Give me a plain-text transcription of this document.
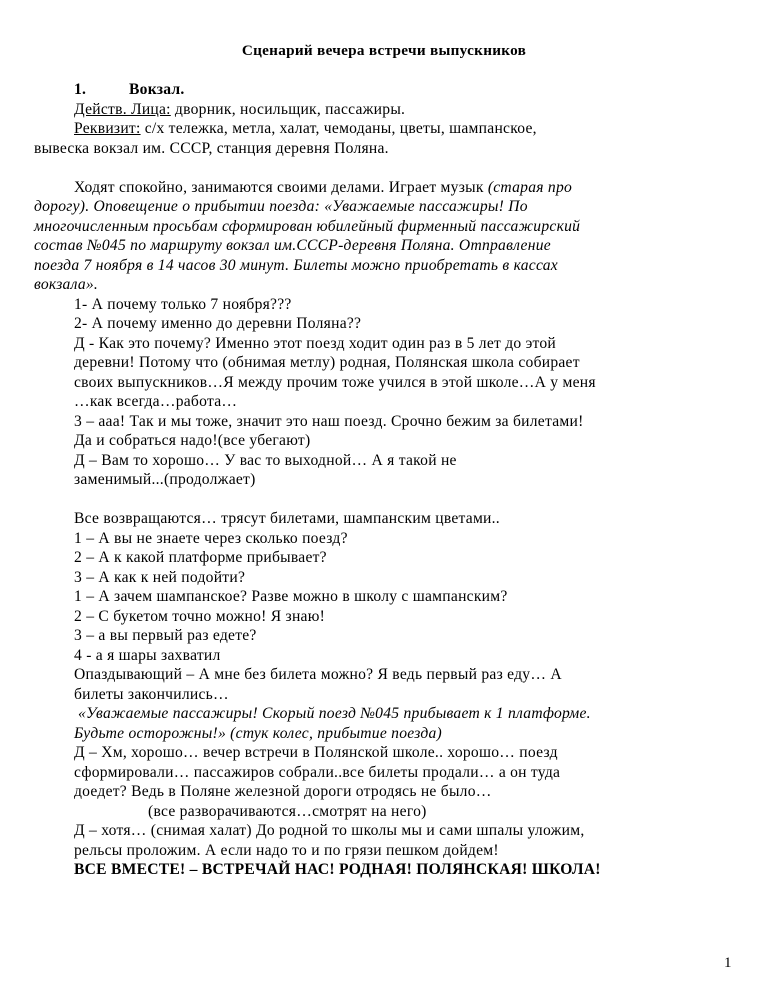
Сценарий вечера встречи выпускников
1.	Вокзал.
Действ. Лица: дворник, носильщик, пассажиры.
Реквизит: с/х тележка, метла, халат, чемоданы, цветы, шампанское,
вывеска вокзал им. СССР, станция деревня Поляна.
Ходят спокойно, занимаются своими делами. Играет музык (старая про
дорогу). Оповещение о прибытии поезда: «Уважаемые пассажиры! По
многочисленным просьбам сформирован юбилейный фирменный пассажирский
состав №045 по маршруту вокзал им.СССР-деревня Поляна. Отправление
поезда 7 ноября в 14 часов 30 минут. Билеты можно приобретать в кассах
вокзала».
1- А почему только 7 ноября???
2- А почему именно до деревни Поляна??
Д - Как это почему? Именно этот поезд ходит один раз в 5 лет до этой
деревни! Потому что (обнимая метлу) родная, Полянская школа собирает
своих выпускников…Я между прочим тоже учился в этой школе…А у меня
…как всегда…работа…
3 – ааа! Так и мы тоже, значит это наш поезд. Срочно бежим за билетами!
Да и собраться надо!(все убегают)
Д – Вам то хорошо… У вас то выходной… А я такой не
заменимый...(продолжает)
Все возвращаются… трясут билетами, шампанским цветами..
1 – А вы не знаете через сколько поезд?
2 – А к какой платформе прибывает?
3 – А как к ней подойти?
1 – А зачем шампанское? Разве можно в школу с шампанским?
2 – С букетом точно можно! Я знаю!
3 – а вы первый раз едете?
4 - а я шары захватил
Опаздывающий – А мне без билета можно? Я ведь первый раз еду… А
билеты закончились…
«Уважаемые пассажиры! Скорый поезд №045 прибывает к 1 платформе.
Будьте осторожны!» (стук колес, прибытие поезда)
Д – Хм, хорошо… вечер встречи в Полянской школе.. хорошо… поезд
сформировали… пассажиров собрали..все билеты продали… а он туда
доедет? Ведь в Поляне железной дороги отродясь не было…
(все разворачиваются…смотрят на него)
Д – хотя… (снимая халат) До родной то школы мы и сами шпалы уложим,
рельсы проложим. А если надо то и по грязи пешком дойдем!
ВСЕ ВМЕСТЕ! – ВСТРЕЧАЙ НАС! РОДНАЯ! ПОЛЯНСКАЯ! ШКОЛА!
1
